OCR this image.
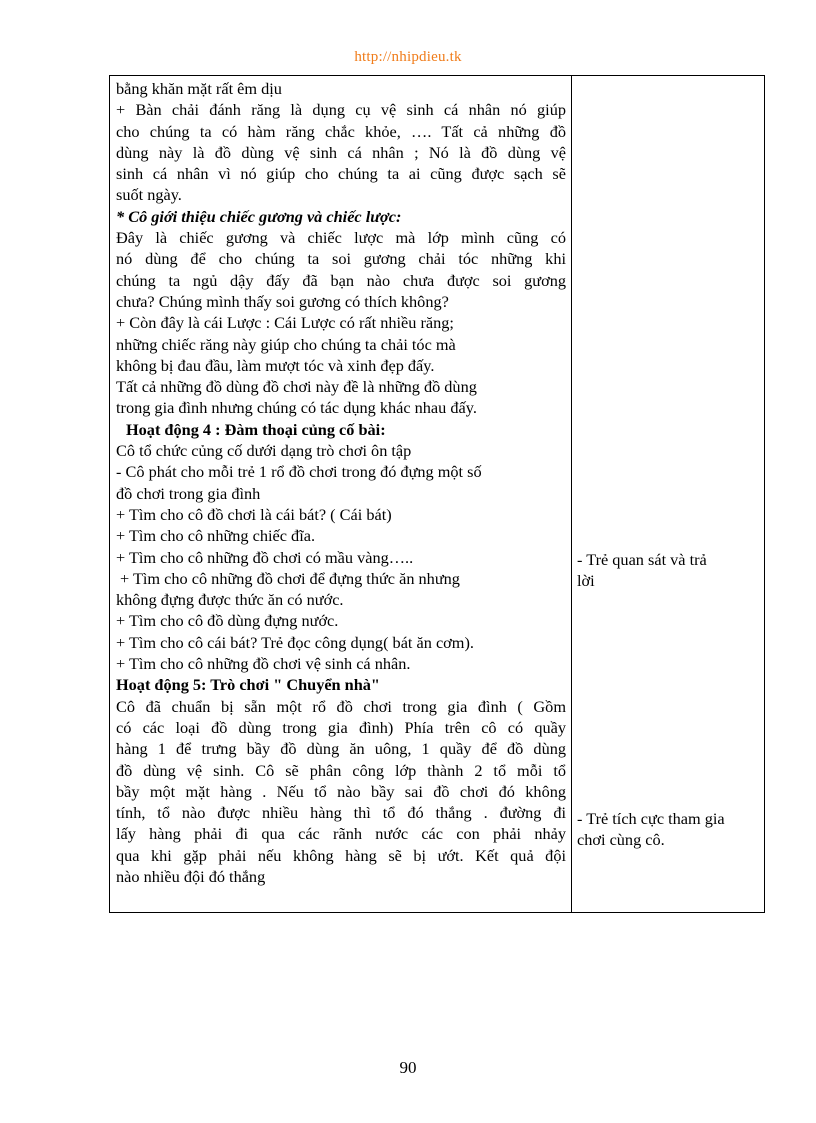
http://nhipdieu.tk
bằng khăn mặt rất êm dịu
+ Bàn chải đánh răng là dụng cụ vệ sinh cá nhân nó giúp
cho chúng ta có hàm răng chắc khỏe, …. Tất cả những đồ
dùng này là đồ dùng vệ sinh cá nhân ; Nó là đồ dùng vệ
sinh cá nhân vì nó giúp cho chúng ta ai cũng được sạch sẽ
suốt ngày.
* Cô giới thiệu chiếc gương và chiếc lược:
Đây là chiếc gương và chiếc lược mà lớp mình cũng có
nó dùng để cho chúng ta soi gương chải tóc những khi
chúng ta ngủ dậy đấy đã bạn nào chưa được soi gương
chưa? Chúng mình thấy soi gương có thích không?
+ Còn đây là cái Lược : Cái Lược có rất nhiều răng;
những chiếc răng này giúp cho chúng ta chải tóc mà
không bị đau đầu, làm mượt tóc và xinh đẹp đấy.
Tất cả những đồ dùng đồ chơi này đề là những đồ dùng
trong gia đình nhưng chúng có tác dụng khác nhau đấy.
Hoạt động 4 : Đàm thoại củng cố bài:
Cô tổ chức củng cố dưới dạng trò chơi ôn tập
- Cô phát cho mỗi trẻ 1 rổ đồ chơi trong đó đựng một số
đồ chơi trong gia đình
+ Tìm cho cô đồ chơi là cái bát? ( Cái bát)
+ Tìm cho cô những chiếc đĩa.
+ Tìm cho cô những đồ chơi có mầu vàng…..
+ Tìm cho cô những đồ chơi để đựng thức ăn nhưng
không đựng được thức ăn có nước.
+ Tìm cho cô đồ dùng đựng nước.
+ Tìm cho cô cái bát? Trẻ đọc công dụng( bát ăn cơm).
+ Tìm cho cô những đồ chơi vệ sinh cá nhân.
Hoạt động 5: Trò chơi " Chuyển nhà"
Cô đã chuẩn bị sẵn một rổ đồ chơi trong gia đình ( Gồm
có các loại đồ dùng trong gia đình) Phía trên cô có quầy
hàng 1 để trưng bầy đồ dùng ăn uông, 1 quầy để đồ dùng
đồ dùng vệ sinh. Cô sẽ phân công lớp thành 2 tổ mỗi tổ
bầy một mặt hàng . Nếu tổ nào bầy sai đồ chơi đó không
tính, tổ nào được nhiều hàng thì tổ đó thắng . đường đi
lấy hàng phải đi qua các rãnh nước các con phải nhảy
qua khi gặp phải nếu không hàng sẽ bị ướt. Kết quả đội
nào nhiều đội đó thắng
- Trẻ quan sát và trả
lời
- Trẻ tích cực tham gia
chơi cùng cô.
90
